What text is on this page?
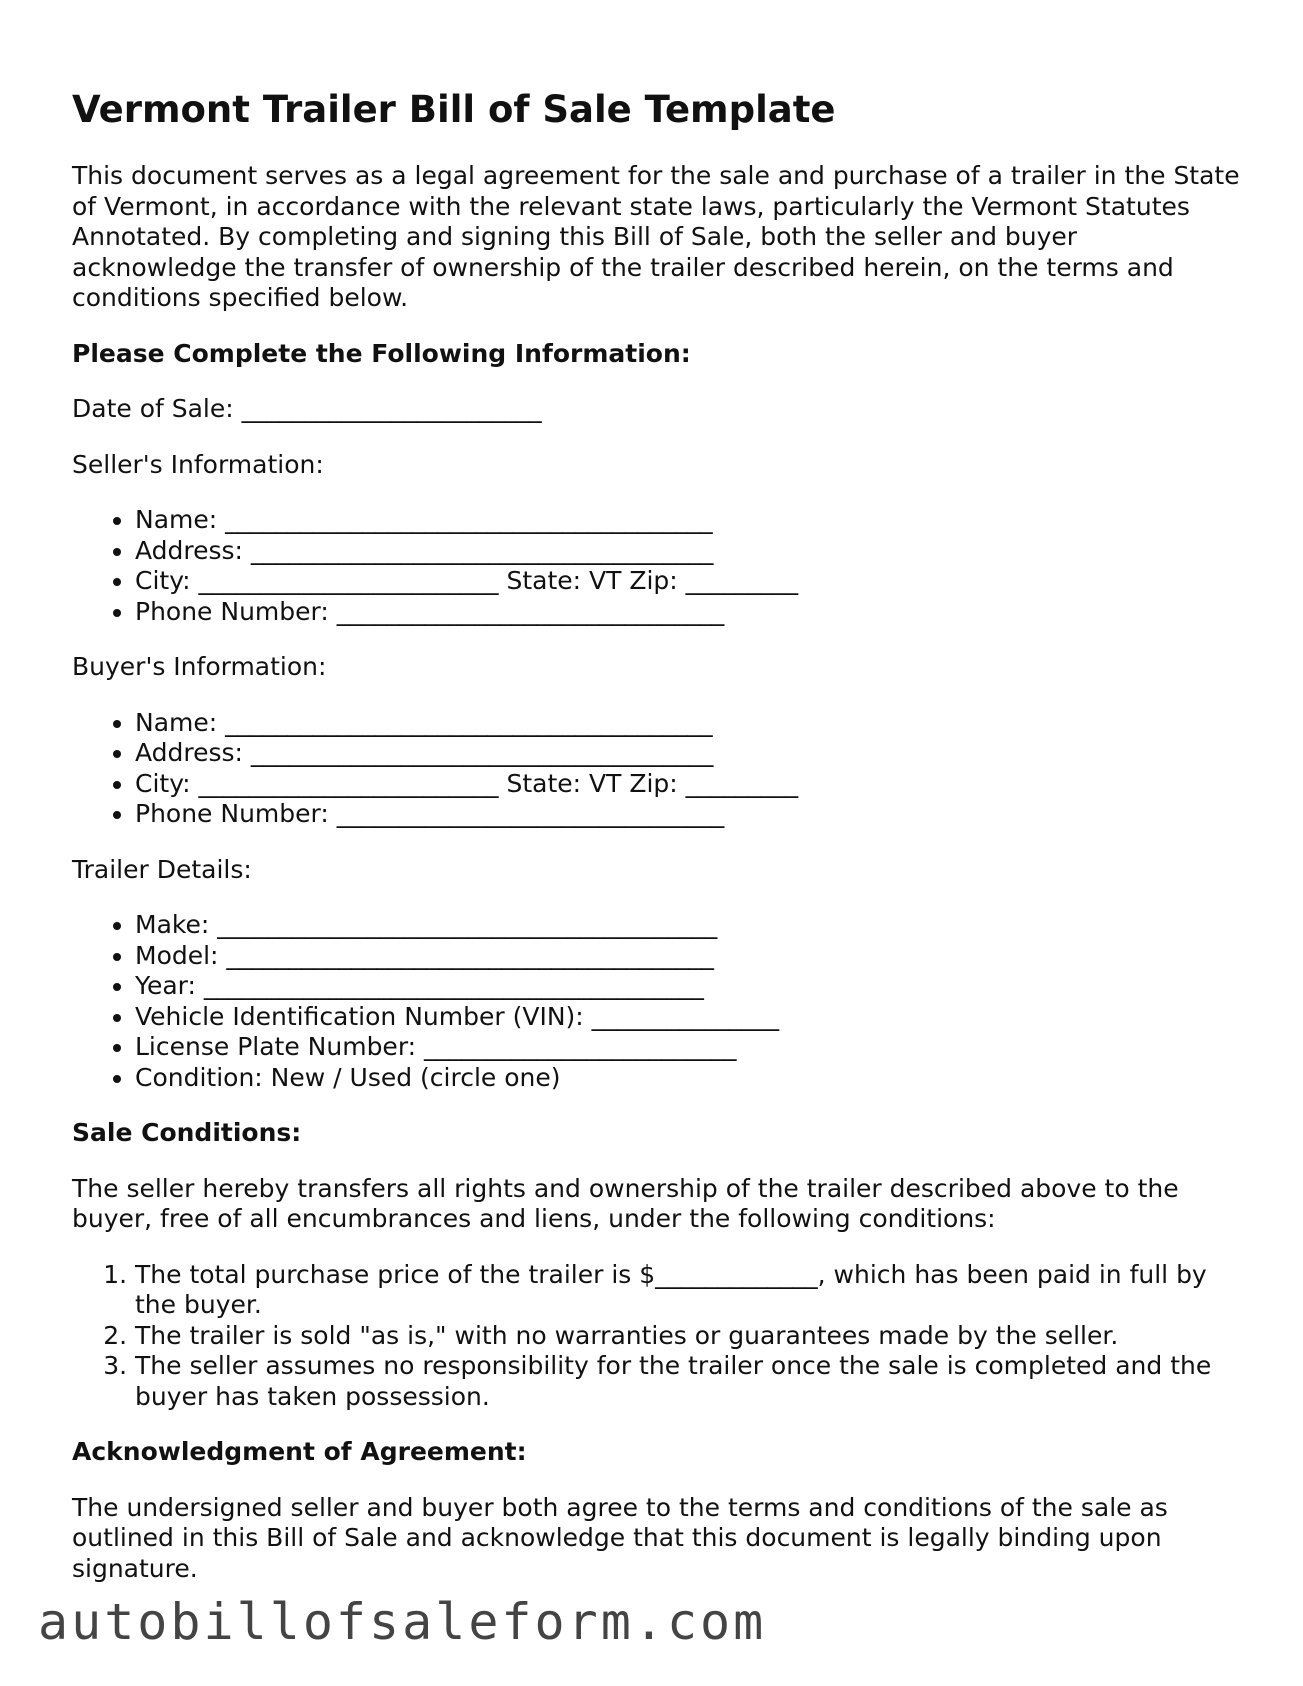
Vermont Trailer Bill of Sale Template

This document serves as a legal agreement for the sale and purchase of a trailer in the State of Vermont, in accordance with the relevant state laws, particularly the Vermont Statutes Annotated. By completing and signing this Bill of Sale, both the seller and buyer acknowledge the transfer of ownership of the trailer described herein, on the terms and conditions specified below.

Please Complete the Following Information:

Date of Sale: ________________________

Seller's Information:

• Name: _______________________________________
• Address: _____________________________________
• City: ________________________ State: VT Zip: _________
• Phone Number: _______________________________

Buyer's Information:

• Name: _______________________________________
• Address: _____________________________________
• City: ________________________ State: VT Zip: _________
• Phone Number: _______________________________

Trailer Details:

• Make: ________________________________________
• Model: _______________________________________
• Year: ________________________________________
• Vehicle Identification Number (VIN): _______________
• License Plate Number: _________________________
• Condition: New / Used (circle one)
Sale Conditions:

The seller hereby transfers all rights and ownership of the trailer described above to the buyer, free of all encumbrances and liens, under the following conditions:

1. The total purchase price of the trailer is $_____________, which has been paid in full by the buyer.
2. The trailer is sold "as is," with no warranties or guarantees made by the seller.
3. The seller assumes no responsibility for the trailer once the sale is completed and the buyer has taken possession.
Acknowledgment of Agreement:

The undersigned seller and buyer both agree to the terms and conditions of the sale as outlined in this Bill of Sale and acknowledge that this document is legally binding upon signature.

autobillofsaleform.com
